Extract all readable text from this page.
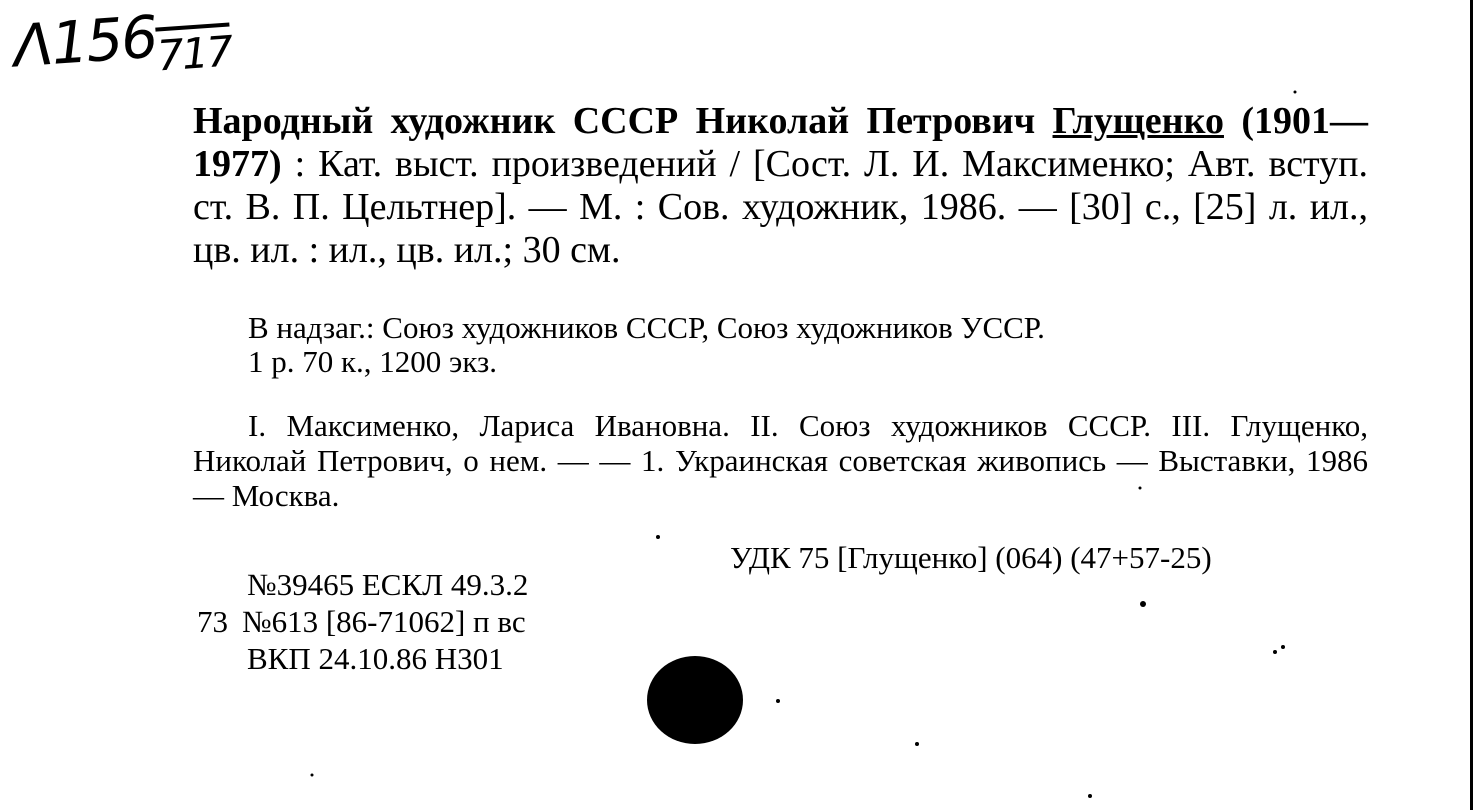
$\Lambda 156_{717}$
Народный художник СССР Николай Петрович Глущенко (1901—1977) : Кат. выст. произведений / [Сост. Л. И. Максименко; Авт. вступ. ст. В. П. Цельтнер]. — М. : Сов. художник, 1986. — [30] с., [25] л. ил., цв. ил. : ил., цв. ил.; 30 см.
В надзаг.: Союз художников СССР, Союз художников УССР.
1 р. 70 к., 1200 экз.
I. Максименко, Лариса Ивановна. II. Союз художников СССР. III. Глущенко, Николай Петрович, о нем. — — 1. Украинская советская живопись — Выставки, 1986 — Москва.
УДК 75 [Глущенко] (064) (47+57-25)
№39465 ЕСКЛ 49.3.2
73 №613 [86-71062] п вс
ВКП 24.10.86 Н301
